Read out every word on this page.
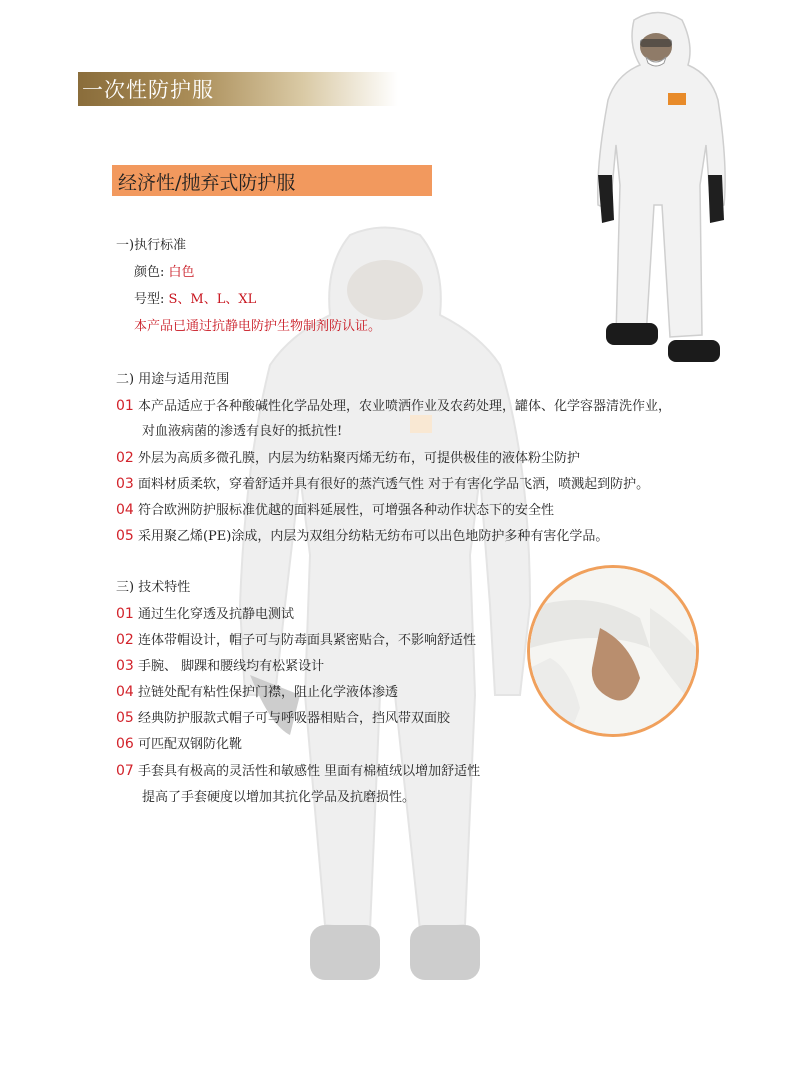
一次性防护服
经济性/抛弃式防护服
一)执行标准
颜色: 白色
号型: S、M、L、XL
本产品已通过抗静电防护生物制剂防认证。
二) 用途与适用范围
01 本产品适应于各种酸碱性化学品处理，农业喷洒作业及农药处理，罐体、化学容器清洗作业，
对血液病菌的渗透有良好的抵抗性!
02 外层为高质多微孔膜，内层为纺粘聚丙烯无纺布，可提供极佳的液体粉尘防护
03 面料材质柔软，穿着舒适并具有很好的蒸汽透气性 对于有害化学品飞洒，喷溅起到防护。
04 符合欧洲防护服标准优越的面料延展性，可增强各种动作状态下的安全性
05 采用聚乙烯(PE)涂成，内层为双组分纺粘无纺布可以出色地防护多种有害化学品。
三) 技术特性
01 通过生化穿透及抗静电测试
02 连体带帽设计，帽子可与防毒面具紧密贴合，不影响舒适性
03 手腕、 脚踝和腰线均有松紧设计
04 拉链处配有粘性保护门襟，阻止化学液体渗透
05 经典防护服款式帽子可与呼吸器相贴合，挡风带双面胶
06 可匹配双钢防化靴
07 手套具有极高的灵活性和敏感性 里面有棉植绒以增加舒适性
提高了手套硬度以增加其抗化学品及抗磨损性。
